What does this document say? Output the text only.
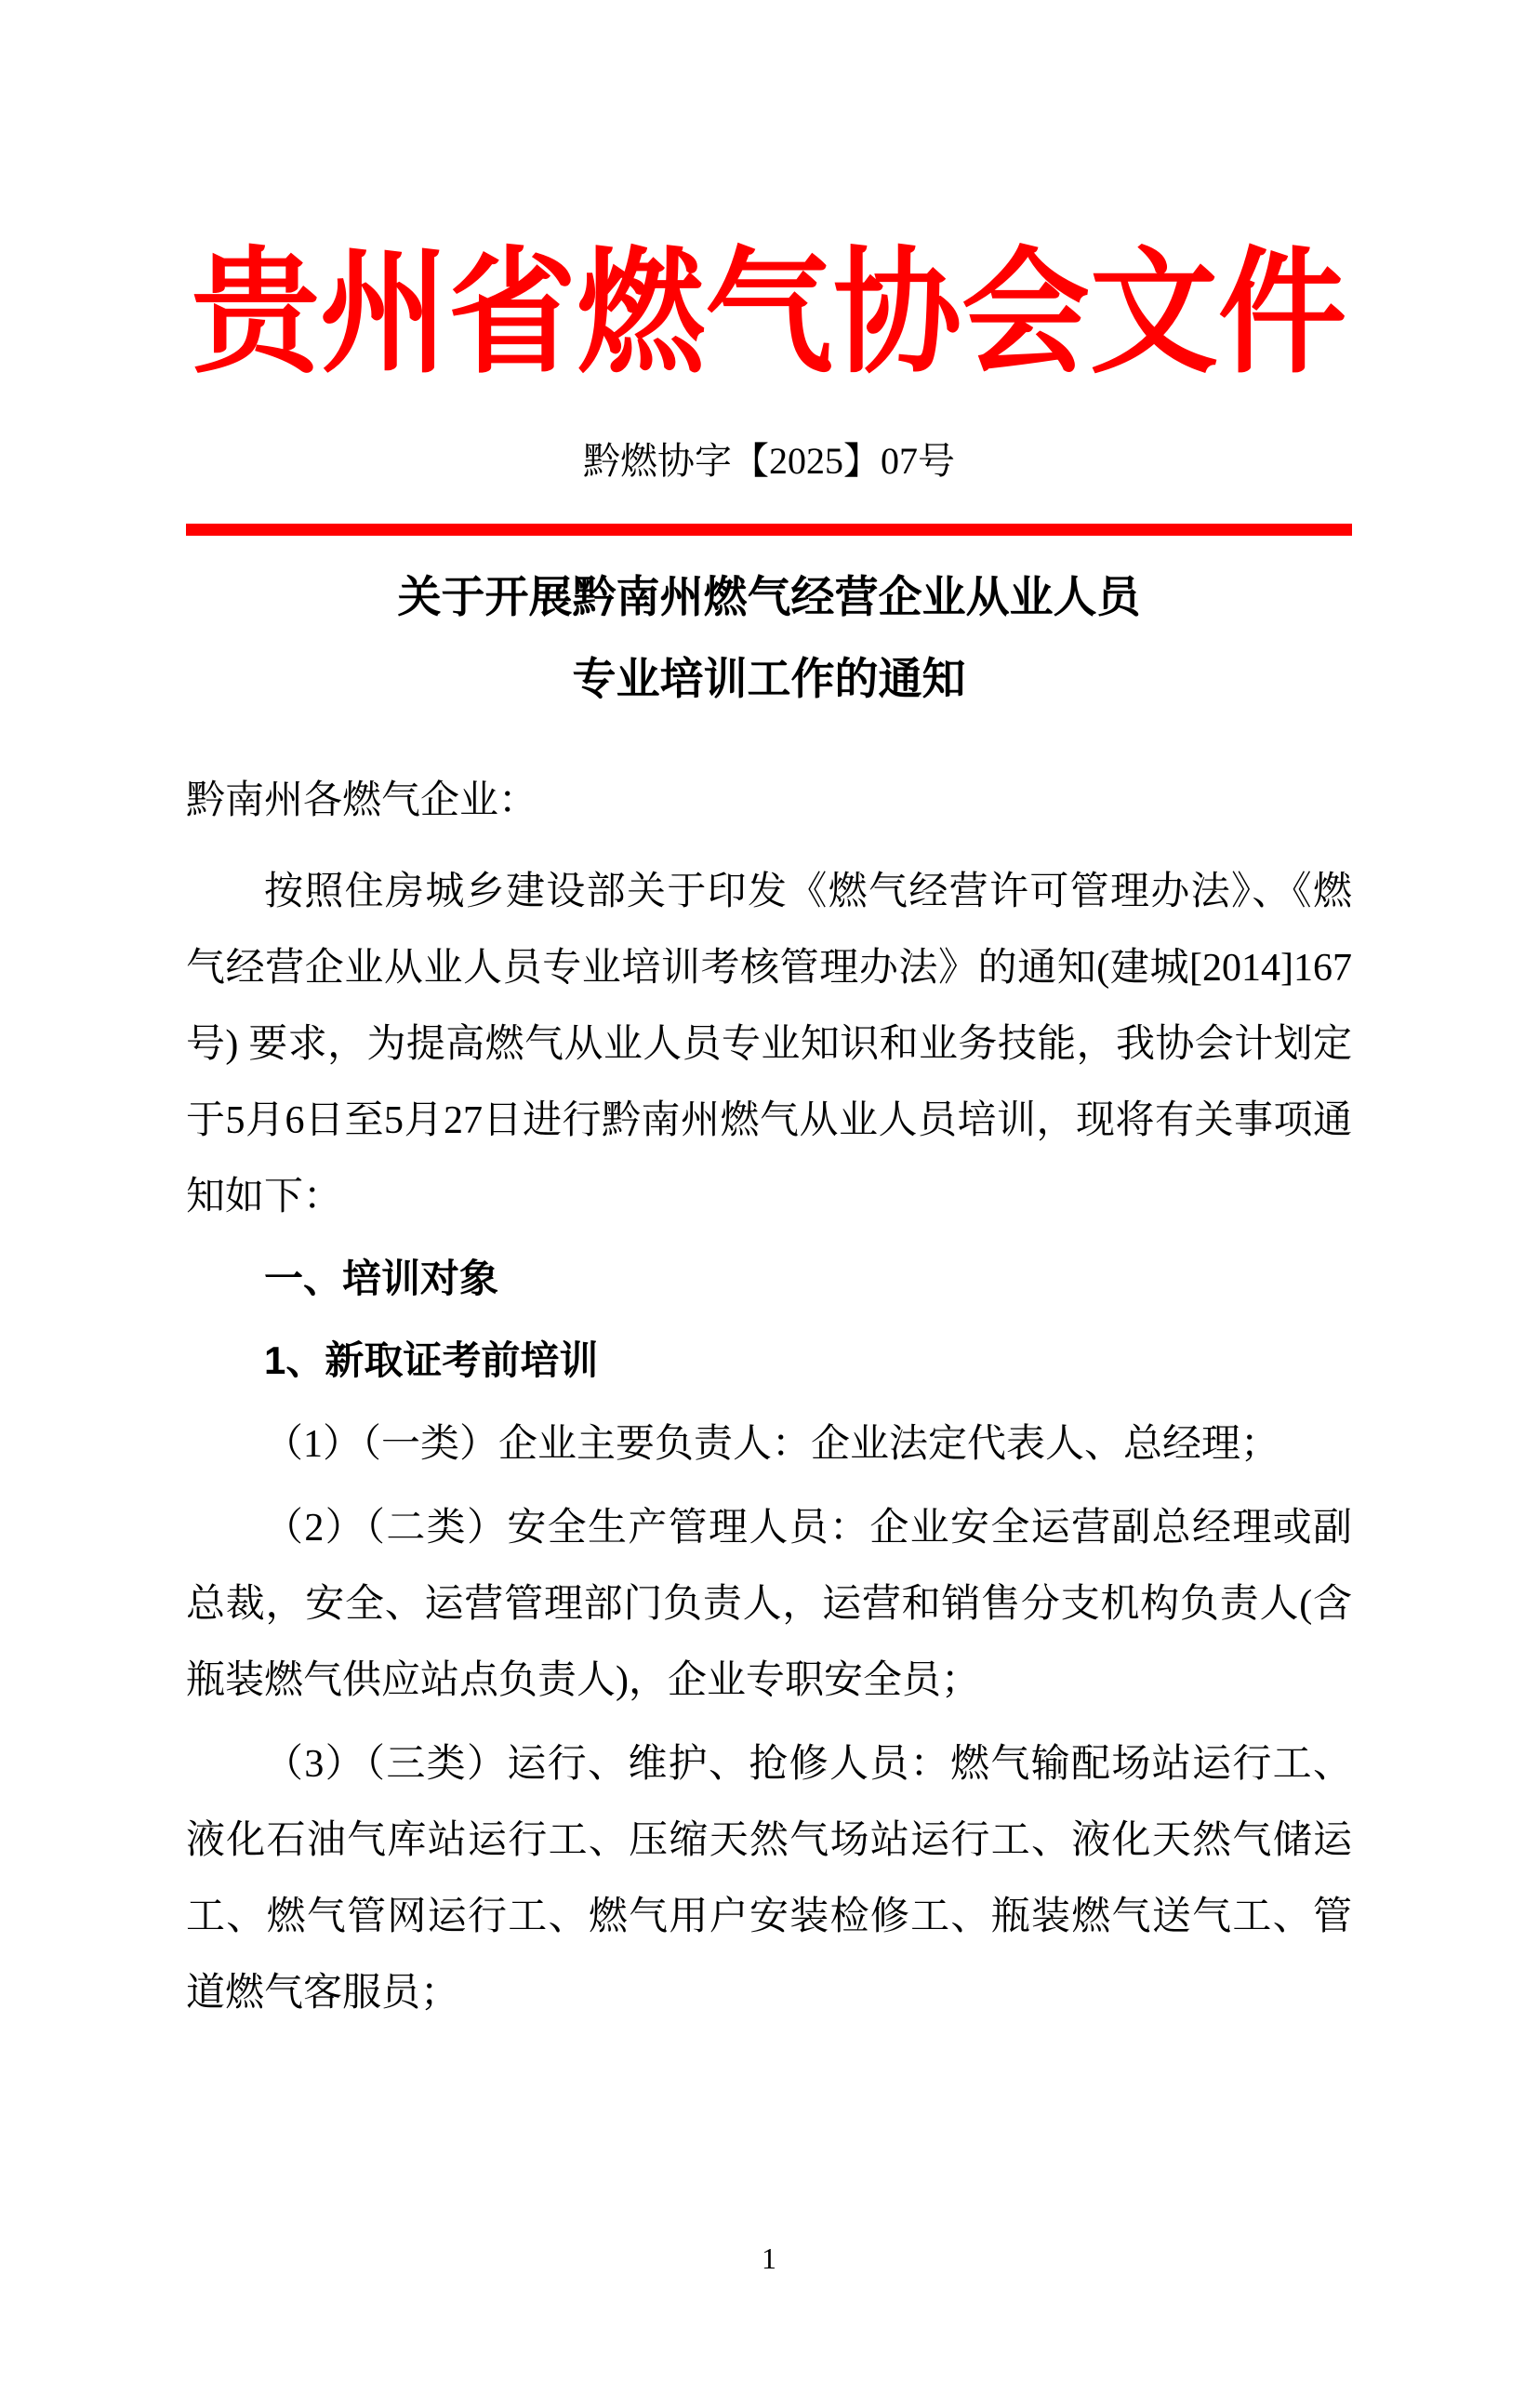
贵州省燃气协会文件
黔燃协字【2025】07号
关于开展黔南州燃气经营企业从业人员
专业培训工作的通知

黔南州各燃气企业：

按照住房城乡建设部关于印发《燃气经营许可管理办法》、《燃气经营企业从业人员专业培训考核管理办法》的通知(建城[2014]167号) 要求，为提高燃气从业人员专业知识和业务技能，我协会计划定于5月6日至5月27日进行黔南州燃气从业人员培训，现将有关事项通知如下：

一、培训对象

1、新取证考前培训

（1）（一类）企业主要负责人：企业法定代表人、总经理；

（2）（二类）安全生产管理人员：企业安全运营副总经理或副总裁，安全、运营管理部门负责人，运营和销售分支机构负责人(含瓶装燃气供应站点负责人)，企业专职安全员；

（3）（三类）运行、维护、抢修人员：燃气输配场站运行工、液化石油气库站运行工、压缩天然气场站运行工、液化天然气储运工、燃气管网运行工、燃气用户安装检修工、瓶装燃气送气工、管道燃气客服员；

1
